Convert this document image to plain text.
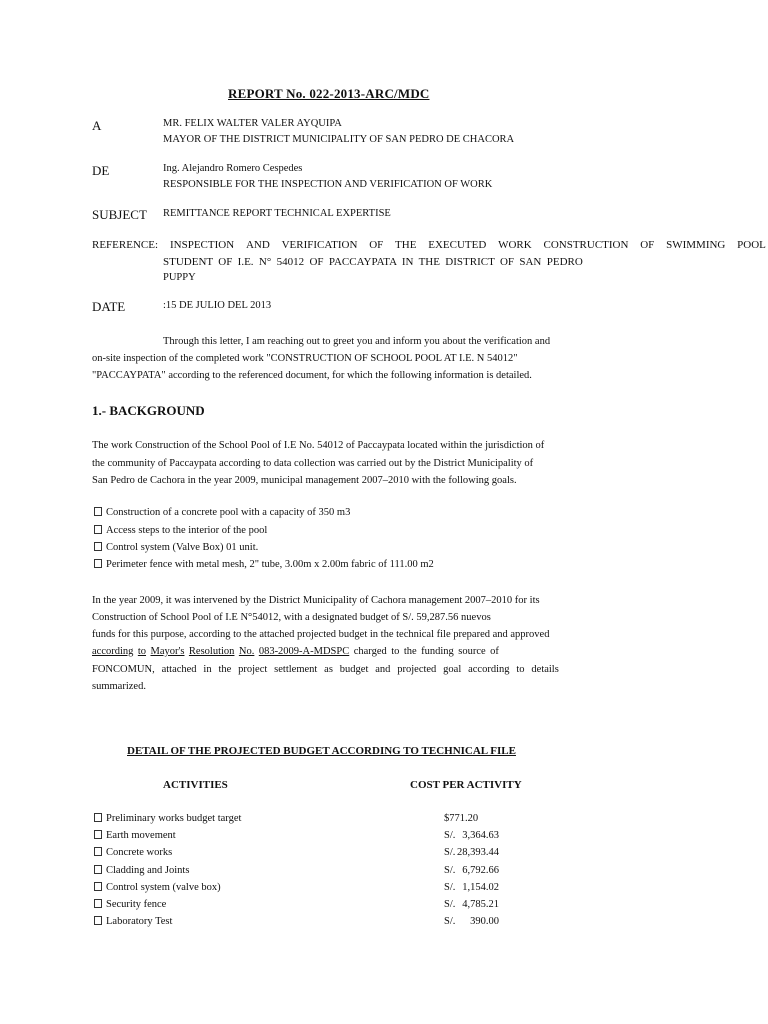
REPORT No. 022-2013-ARC/MDC
A	MR. FELIX WALTER VALER AYQUIPA
MAYOR OF THE DISTRICT MUNICIPALITY OF SAN PEDRO DE CHACORA
DE	Ing. Alejandro Romero Cespedes
RESPONSIBLE FOR THE INSPECTION AND VERIFICATION OF WORK
SUBJECT REMITTANCE REPORT TECHNICAL EXPERTISE
REFERENCE: INSPECTION AND VERIFICATION OF THE EXECUTED WORK CONSTRUCTION OF SWIMMING POOL
STUDENT OF I.E. N° 54012 OF PACCAYPATA IN THE DISTRICT OF SAN PEDRO
PUPPY
DATE	:15 DE JULIO DEL 2013
Through this letter, I am reaching out to greet you and inform you about the verification and
on-site inspection of the completed work "CONSTRUCTION OF SCHOOL POOL AT I.E. N 54012"
"PACCAYPATA" according to the referenced document, for which the following information is detailed.
1.- BACKGROUND
The work Construction of the School Pool of I.E No. 54012 of Paccaypata located within the jurisdiction of
the community of Paccaypata according to data collection was carried out by the District Municipality of
San Pedro de Cachora in the year 2009, municipal management 2007–2010 with the following goals.
Construction of a concrete pool with a capacity of 350 m3
Access steps to the interior of the pool
Control system (Valve Box) 01 unit.
Perimeter fence with metal mesh, 2" tube, 3.00m x 2.00m fabric of 111.00 m2
In the year 2009, it was intervened by the District Municipality of Cachora management 2007–2010 for its
Construction of School Pool of I.E N°54012, with a designated budget of S/. 59,287.56 nuevos
funds for this purpose, according to the attached projected budget in the technical file prepared and approved
according to Mayor's Resolution No. 083-2009-A-MDSPC charged to the funding source of
FONCOMUN, attached in the project settlement as budget and projected goal according to details
summarized.
DETAIL OF THE PROJECTED BUDGET ACCORDING TO TECHNICAL FILE
ACTIVITIES	COST PER ACTIVITY
Preliminary works budget target	$771.20
Earth movement	S/. 3,364.63
Concrete works	S/. 28,393.44
Cladding and Joints	S/. 6,792.66
Control system (valve box)	S/. 1,154.02
Security fence	S/. 4,785.21
Laboratory Test	S/. 390.00
